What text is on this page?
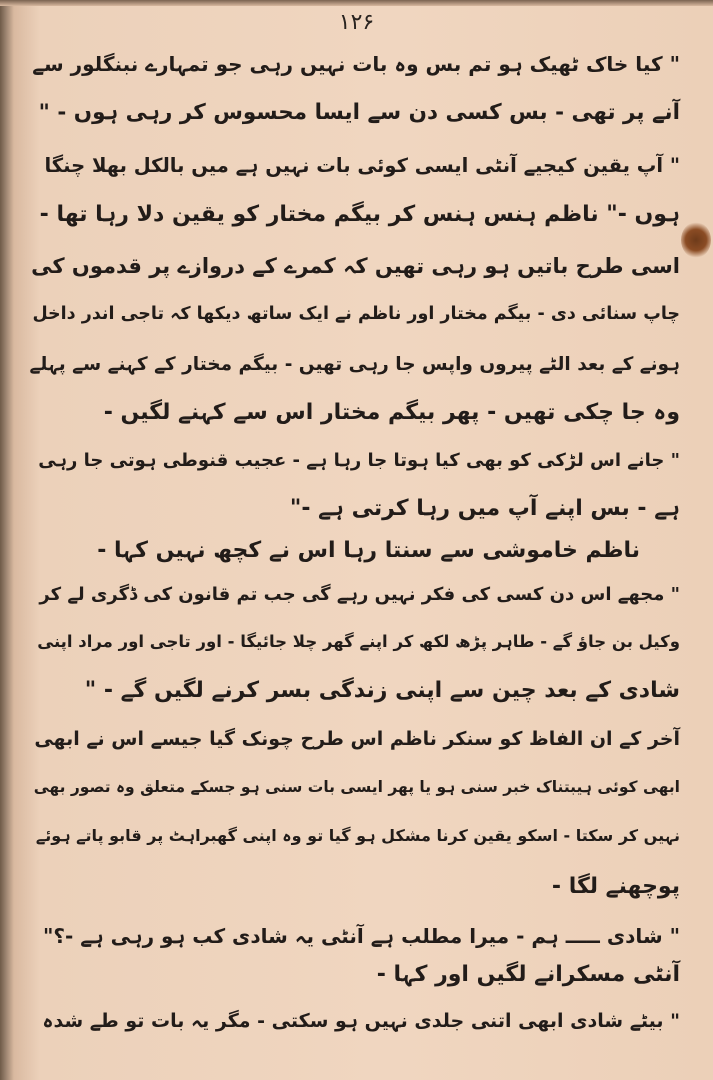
۱۲۶
" کیا خاک ٹھیک ہو تم بس وہ بات نہیں رہی جو تمہارے نبنگلور سے
آنے پر تھی - بس کسی دن سے ایسا محسوس کر رہی ہوں - "
" آپ یقین کیجیے آنٹی ایسی کوئی بات نہیں ہے میں بالکل بھلا چنگا
ہوں -" ناظم ہنس ہنس کر بیگم مختار کو یقین دلا رہا تھا -
اسی طرح باتیں ہو رہی تھیں کہ کمرے کے دروازے پر قدموں کی
چاپ سنائی دی - بیگم مختار اور ناظم نے ایک ساتھ دیکھا کہ تاجی اندر داخل
ہونے کے بعد الٹے پیروں واپس جا رہی تھیں - بیگم مختار کے کہنے سے پہلے
وہ جا چکی تھیں - پھر بیگم مختار اس سے کہنے لگیں -
" جانے اس لڑکی کو بھی کیا ہوتا جا رہا ہے - عجیب قنوطی ہوتی جا رہی
ہے - بس اپنے آپ میں رہا کرتی ہے -"
ناظم خاموشی سے سنتا رہا اس نے کچھ نہیں کہا -
" مجھے اس دن کسی کی فکر نہیں رہے گی جب تم قانون کی ڈگری لے کر
وکیل بن جاؤ گے - طاہر پڑھ لکھ کر اپنے گھر چلا جائیگا - اور تاجی اور مراد اپنی
شادی کے بعد چین سے اپنی زندگی بسر کرنے لگیں گے - "
آخر کے ان الفاظ کو سنکر ناظم اس طرح چونک گیا جیسے اس نے ابھی
ابھی کوئی ہیبتناک خبر سنی ہو یا پھر ایسی بات سنی ہو جسکے متعلق وہ تصور بھی
نہیں کر سکتا - اسکو یقین کرنا مشکل ہو گیا تو وہ اپنی گھبراہٹ پر قابو پاتے ہوئے
پوچھنے لگا -
" شادی ـــــ ہم - میرا مطلب ہے آنٹی یہ شادی کب ہو رہی ہے -؟"
آنٹی مسکرانے لگیں اور کہا -
" بیٹے شادی ابھی اتنی جلدی نہیں ہو سکتی - مگر یہ بات تو طے شدہ
